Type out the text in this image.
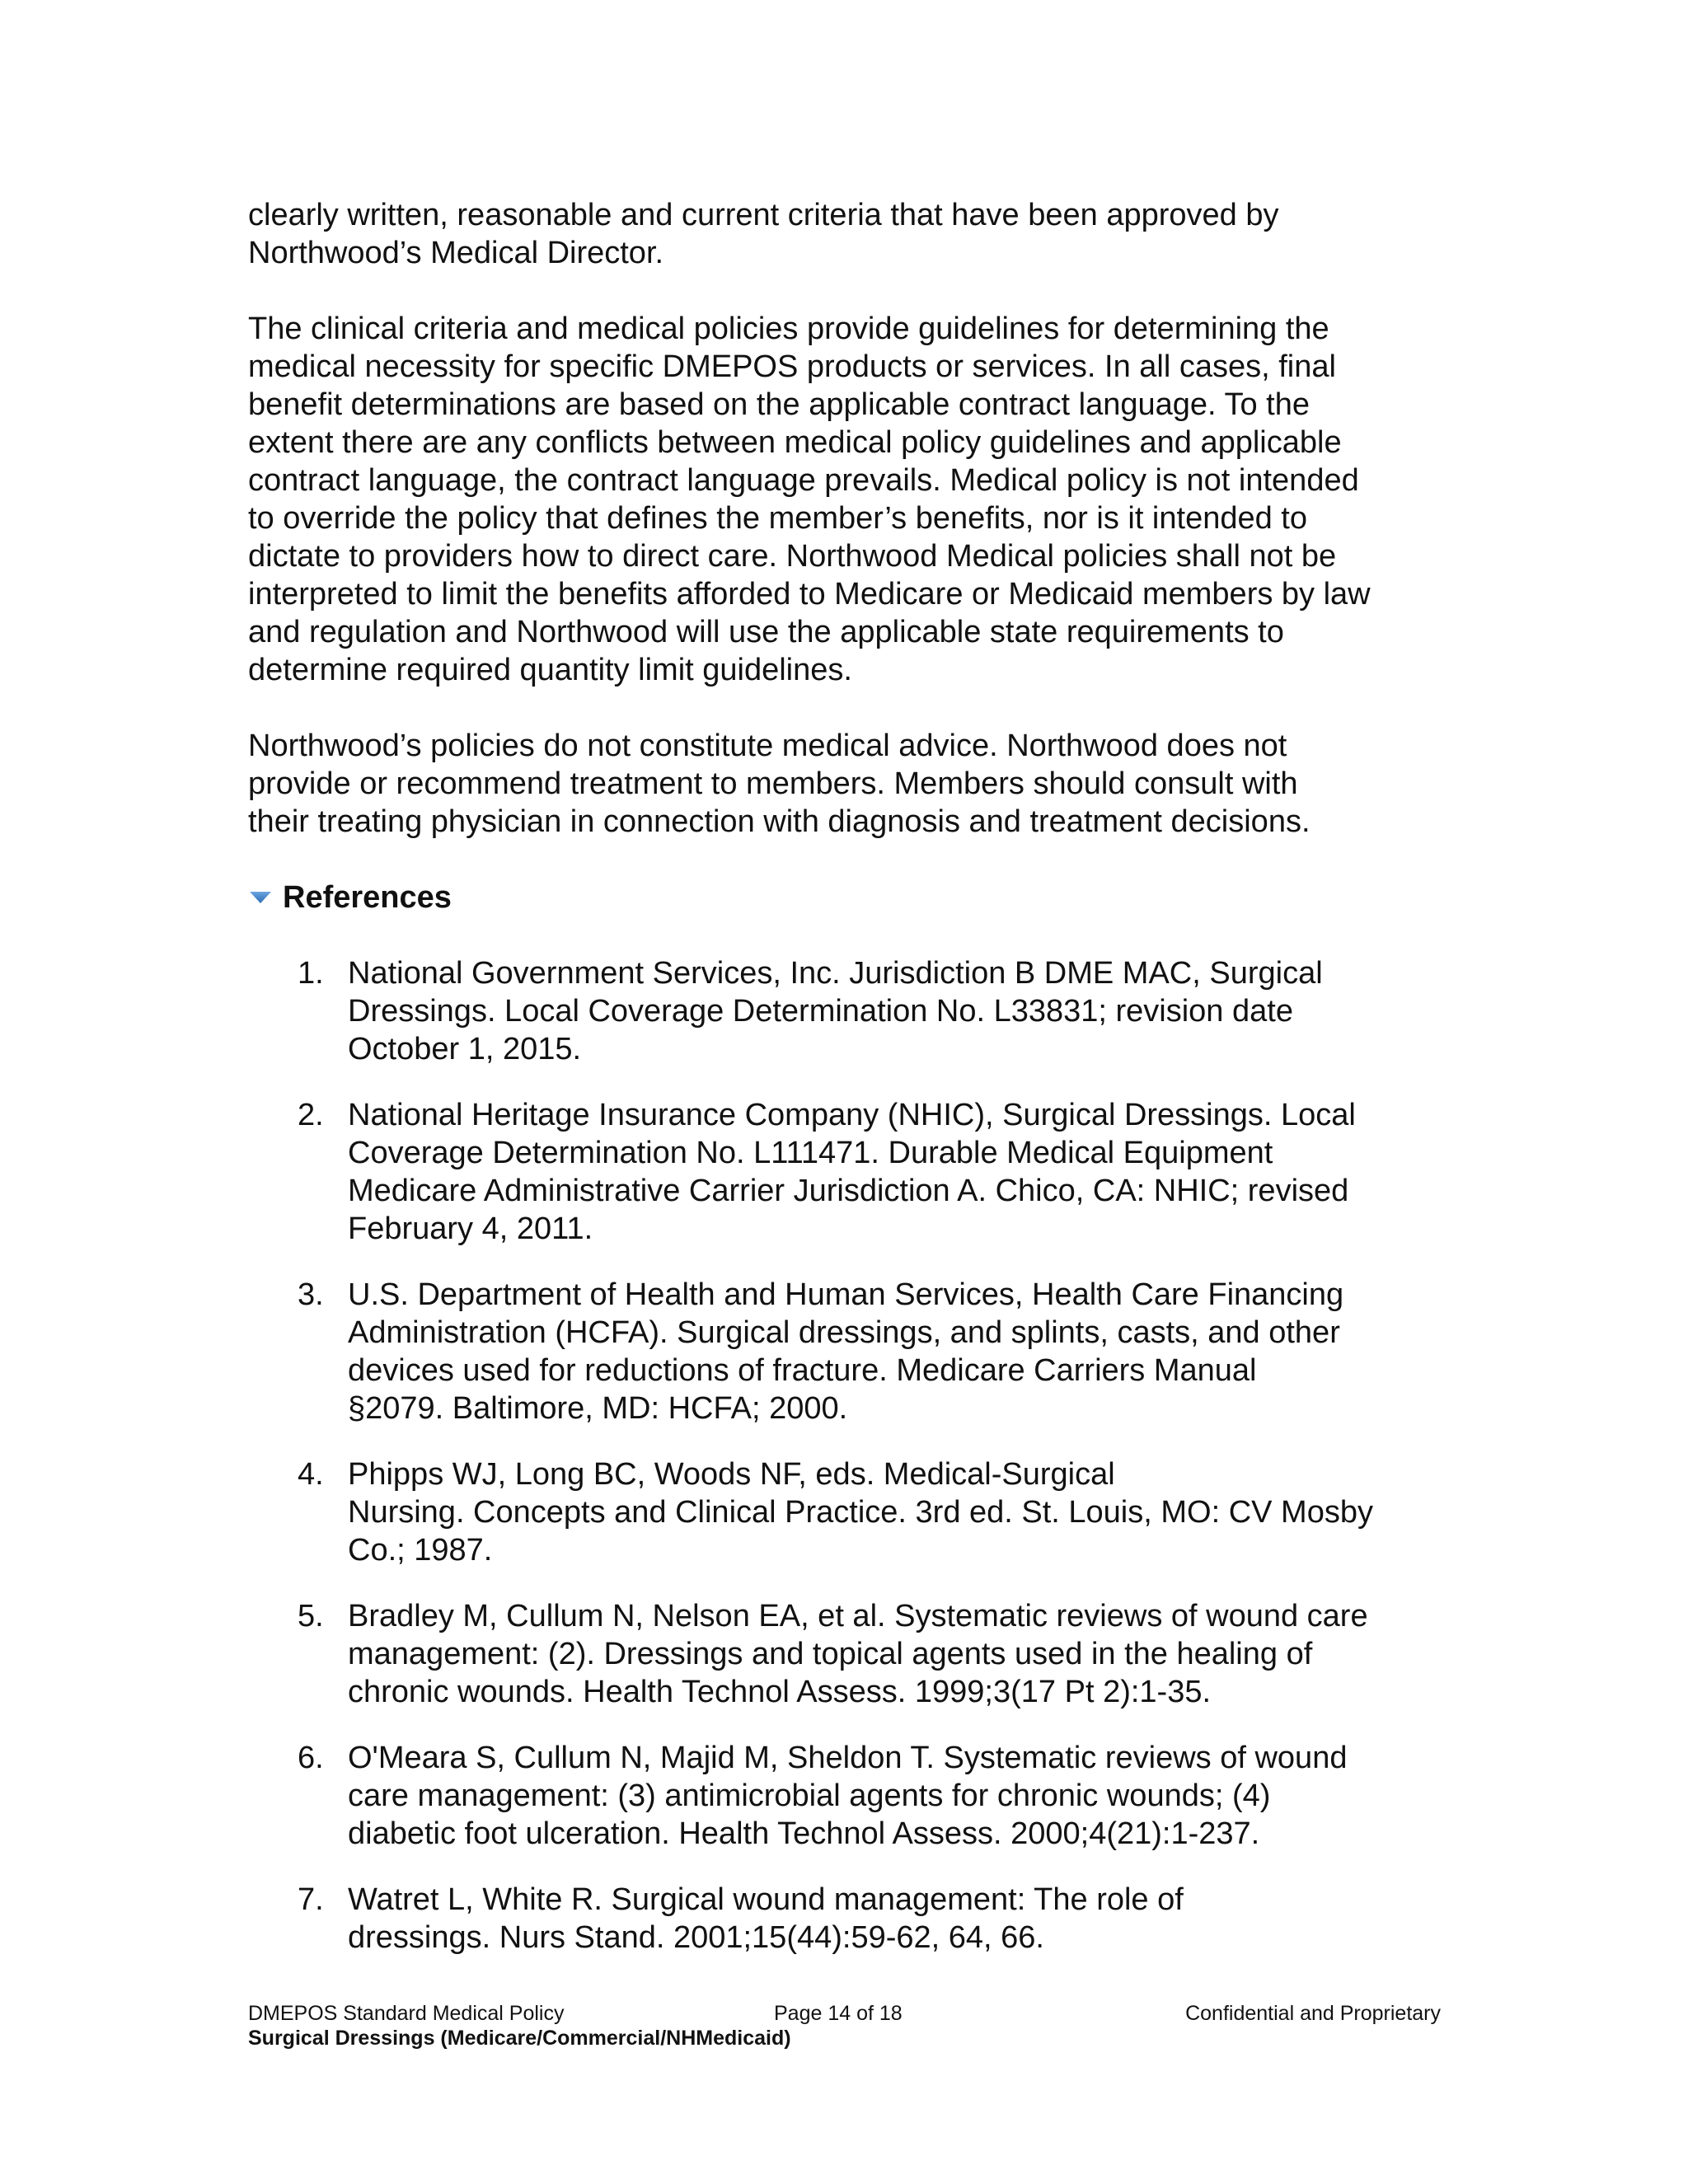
clearly written, reasonable and current criteria that have been approved by
Northwood’s Medical Director.

The clinical criteria and medical policies provide guidelines for determining the
medical necessity for specific DMEPOS products or services. In all cases, final
benefit determinations are based on the applicable contract language. To the
extent there are any conflicts between medical policy guidelines and applicable
contract language, the contract language prevails. Medical policy is not intended
to override the policy that defines the member’s benefits, nor is it intended to
dictate to providers how to direct care. Northwood Medical policies shall not be
interpreted to limit the benefits afforded to Medicare or Medicaid members by law
and regulation and Northwood will use the applicable state requirements to
determine required quantity limit guidelines.

Northwood’s policies do not constitute medical advice. Northwood does not
provide or recommend treatment to members. Members should consult with
their treating physician in connection with diagnosis and treatment decisions.

References
1. National Government Services, Inc. Jurisdiction B DME MAC, Surgical
Dressings. Local Coverage Determination No. L33831; revision date
October 1, 2015.
2. National Heritage Insurance Company (NHIC), Surgical Dressings. Local
Coverage Determination No. L111471. Durable Medical Equipment
Medicare Administrative Carrier Jurisdiction A. Chico, CA: NHIC; revised
February 4, 2011.
3. U.S. Department of Health and Human Services, Health Care Financing
Administration (HCFA). Surgical dressings, and splints, casts, and other
devices used for reductions of fracture. Medicare Carriers Manual
§2079. Baltimore, MD: HCFA; 2000.
4. Phipps WJ, Long BC, Woods NF, eds. Medical-Surgical
Nursing. Concepts and Clinical Practice. 3rd ed. St. Louis, MO: CV Mosby
Co.; 1987.
5. Bradley M, Cullum N, Nelson EA, et al. Systematic reviews of wound care
management: (2). Dressings and topical agents used in the healing of
chronic wounds. Health Technol Assess. 1999;3(17 Pt 2):1-35.
6. O'Meara S, Cullum N, Majid M, Sheldon T. Systematic reviews of wound
care management: (3) antimicrobial agents for chronic wounds; (4)
diabetic foot ulceration. Health Technol Assess. 2000;4(21):1-237.
7. Watret L, White R. Surgical wound management: The role of
dressings. Nurs Stand. 2001;15(44):59-62, 64, 66.
DMEPOS Standard Medical Policy	Page 14 of 18	Confidential and Proprietary
Surgical Dressings (Medicare/Commercial/NHMedicaid)
